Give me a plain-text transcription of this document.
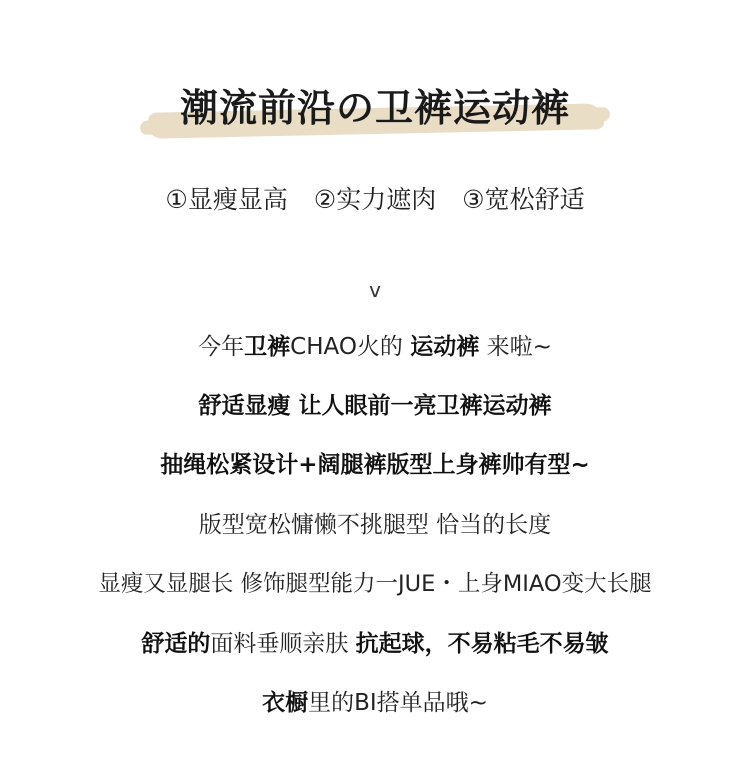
潮流前沿の卫裤运动裤
①显瘦显高 ②实力遮肉 ③宽松舒适
v
今年卫裤CHAO火的 运动裤 来啦~
舒适显瘦 让人眼前一亮卫裤运动裤
抽绳松紧设计+阔腿裤版型上身裤帅有型~
版型宽松慵懒不挑腿型 恰当的长度
显瘦又显腿长 修饰腿型能力一JUE・上身MIAO变大长腿
舒适的面料垂顺亲肤 抗起球，不易粘毛不易皱
衣橱里的BI搭单品哦~
